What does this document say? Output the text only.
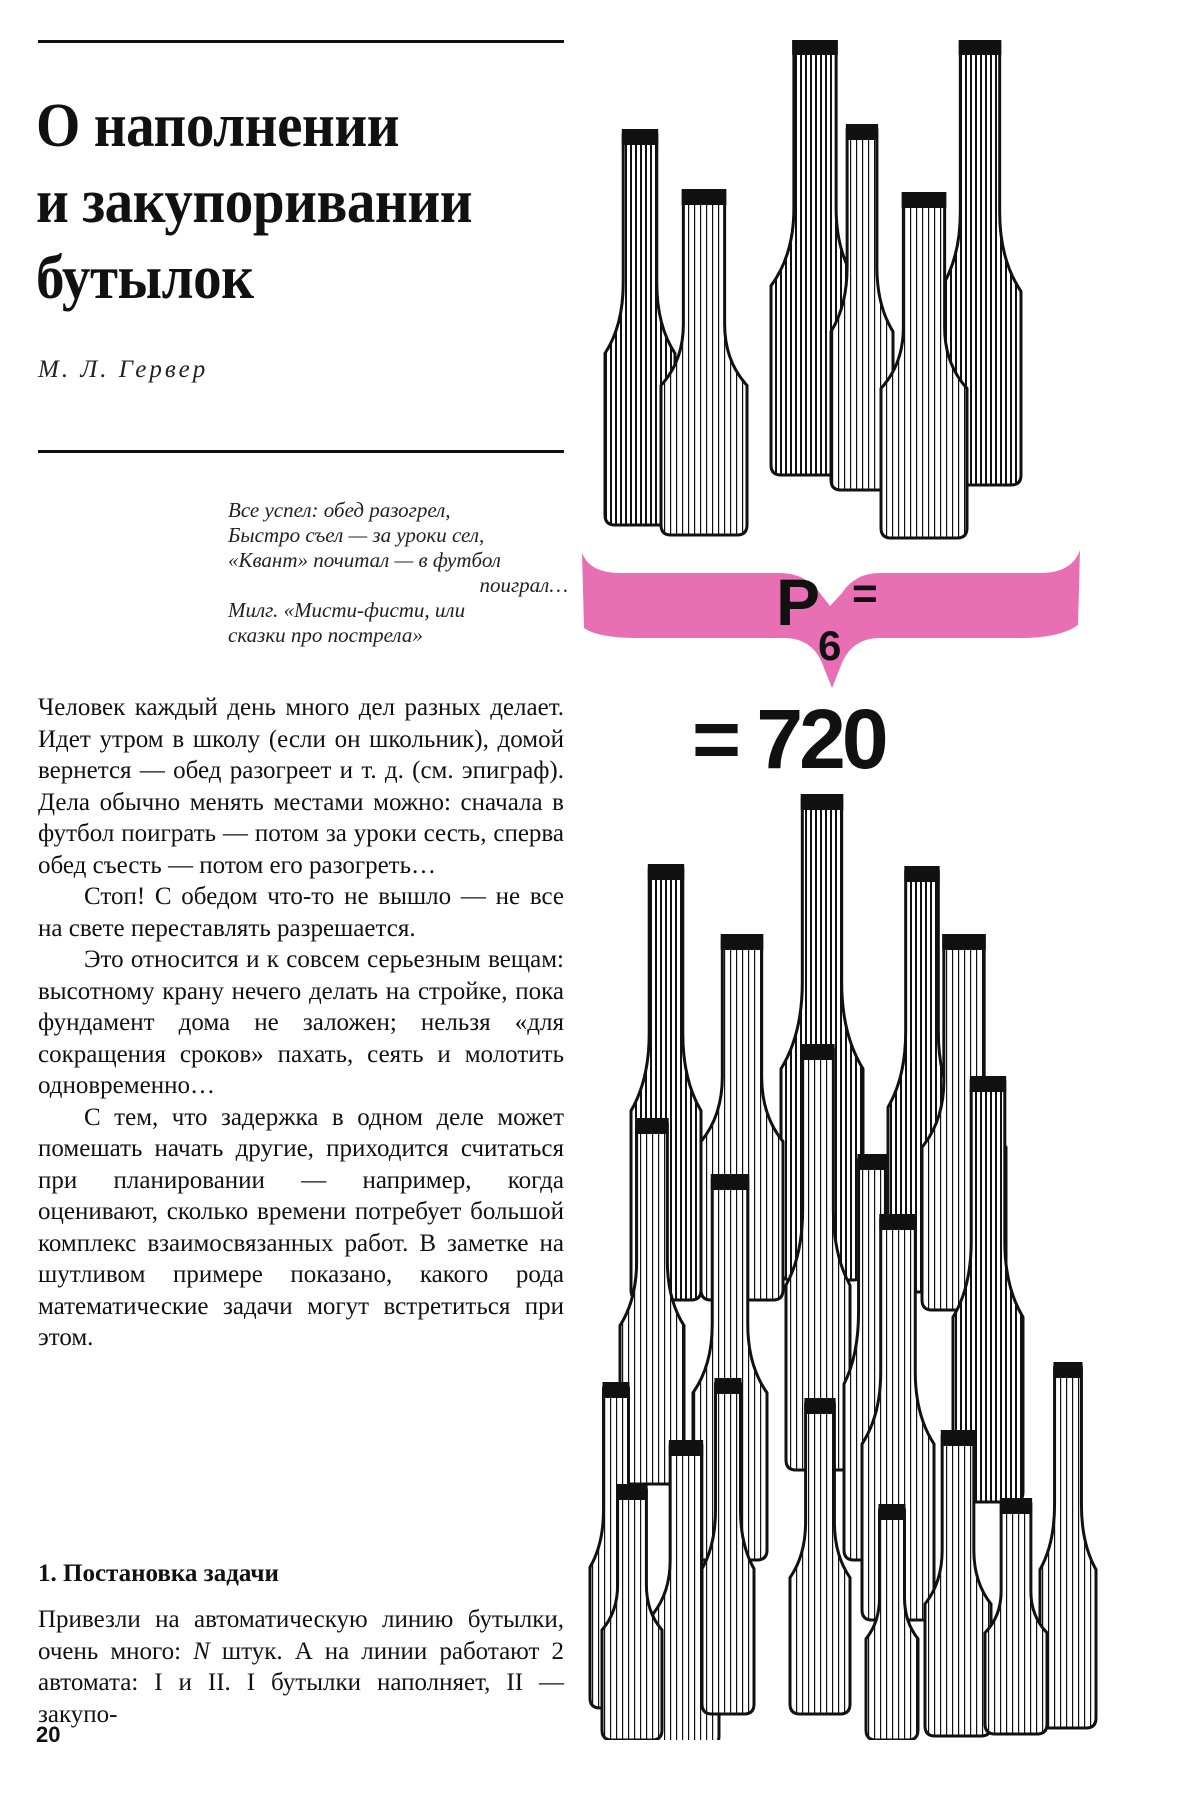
О наполнении
и закупоривании
бутылок
М. Л. Гервер
Все успел: обед разогрел,
Быстро съел — за уроки сел,
«Квант» почитал — в футбол
поиграл…
Милг. «Мисти-фисти, или
сказки про пострела»

Человек каждый день много дел разных делает. Идет утром в школу (если он школьник), домой вернется — обед разогреет и т. д. (см. эпиграф). Дела обычно менять местами можно: сначала в футбол поиграть — потом за уроки сесть, сперва обед съесть — потом его разогреть…

Стоп! С обедом что-то не вышло — не все на свете переставлять разрешается.

Это относится и к совсем серьезным вещам: высотному крану нечего делать на стройке, пока фундамент дома не заложен; нельзя «для сокращения сроков» пахать, сеять и молотить одновременно…

С тем, что задержка в одном деле может помешать начать другие, приходится считаться при планировании — например, когда оценивают, сколько времени потребует большой комплекс взаимосвязанных работ. В заметке на шутливом примере показано, какого рода математические задачи могут встретиться при этом.

1. Постановка задачи

Привезли на автоматическую линию бутылки, очень много: N штук. А на линии работают 2 автомата: I и II. I бутылки наполняет, II — закупо-

20
P
6
=
= 720
